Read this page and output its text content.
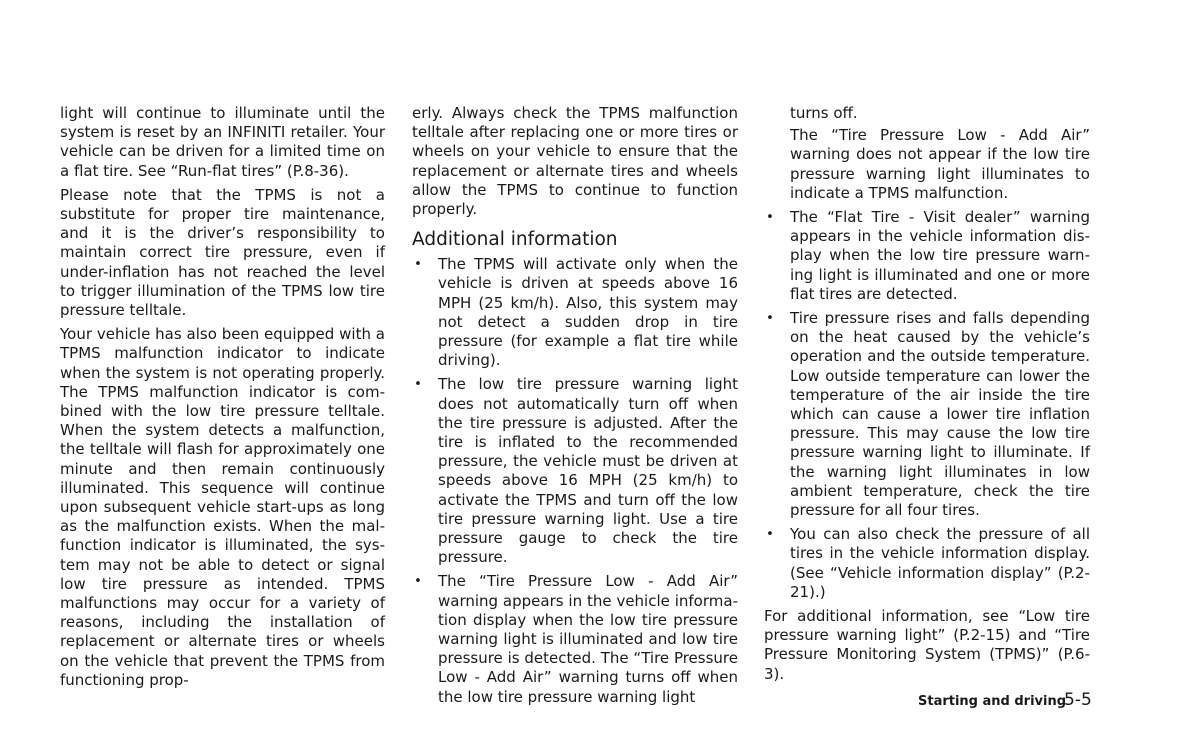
light will continue to illuminate until the system is reset by an INFINITI retailer. Your vehicle can be driven for a limited time on a flat tire. See “Run-flat tires” (P.8-36).

Please note that the TPMS is not a substitute for proper tire maintenance, and it is the driver’s responsibility to maintain correct tire pressure, even if under-inflation has not reached the level to trigger illumination of the TPMS low tire pressure telltale.

Your vehicle has also been equipped with a TPMS malfunction indicator to indicate when the system is not operating properly. The TPMS malfunction indicator is combined with the low tire pressure telltale. When the system detects a malfunction, the telltale will flash for approximately one minute and then remain continuously illuminated. This sequence will continue upon subsequent vehicle start-ups as long as the malfunction exists. When the malfunction indicator is illuminated, the system may not be able to detect or signal low tire pressure as intended. TPMS malfunctions may occur for a variety of reasons, including the installation of replacement or alternate tires or wheels on the vehicle that prevent the TPMS from functioning prop-

erly. Always check the TPMS malfunction telltale after replacing one or more tires or wheels on your vehicle to ensure that the replacement or alternate tires and wheels allow the TPMS to continue to function properly.

Additional information
• The TPMS will activate only when the vehicle is driven at speeds above 16 MPH (25 km/h). Also, this system may not detect a sudden drop in tire pressure (for example a flat tire while driving).
• The low tire pressure warning light does not automatically turn off when the tire pressure is adjusted. After the tire is inflated to the recommended pressure, the vehicle must be driven at speeds above 16 MPH (25 km/h) to activate the TPMS and turn off the low tire pressure warning light. Use a tire pressure gauge to check the tire pressure.
• The “Tire Pressure Low - Add Air” warning appears in the vehicle information display when the low tire pressure warning light is illuminated and low tire pressure is detected. The “Tire Pressure Low - Add Air” warning turns off when the low tire pressure warning light

turns off.

The “Tire Pressure Low - Add Air” warning does not appear if the low tire pressure warning light illuminates to indicate a TPMS malfunction.

• The “Flat Tire - Visit dealer” warning appears in the vehicle information display when the low tire pressure warning light is illuminated and one or more flat tires are detected.
• Tire pressure rises and falls depending on the heat caused by the vehicle’s operation and the outside temperature. Low outside temperature can lower the temperature of the air inside the tire which can cause a lower tire inflation pressure. This may cause the low tire pressure warning light to illuminate. If the warning light illuminates in low ambient temperature, check the tire pressure for all four tires.
• You can also check the pressure of all tires in the vehicle information display. (See “Vehicle information display” (P.2-21).)

For additional information, see “Low tire pressure warning light” (P.2-15) and “Tire Pressure Monitoring System (TPMS)” (P.6-3).

Starting and driving
5-5
